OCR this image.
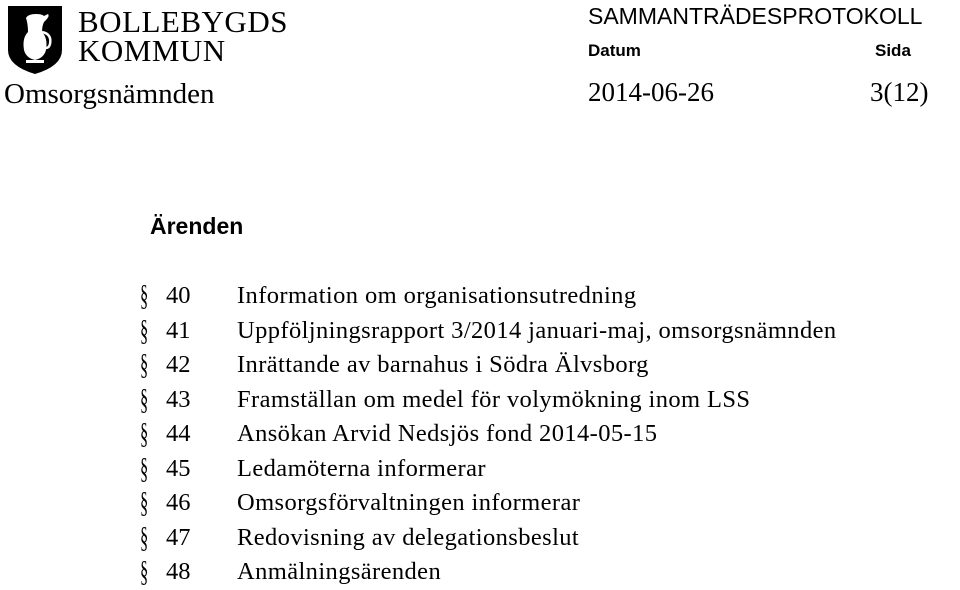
BOLLEBYGDS
KOMMUN
Omsorgsnämnden
SAMMANTRÄDESPROTOKOLL
Datum	Sida
2014-06-26	3(12)
Ärenden
§ 40 Information om organisationsutredning
§ 41 Uppföljningsrapport 3/2014 januari-maj, omsorgsnämnden
§ 42 Inrättande av barnahus i Södra Älvsborg
§ 43 Framställan om medel för volymökning inom LSS
§ 44 Ansökan Arvid Nedsjös fond 2014-05-15
§ 45 Ledamöterna informerar
§ 46 Omsorgsförvaltningen informerar
§ 47 Redovisning av delegationsbeslut
§ 48 Anmälningsärenden
